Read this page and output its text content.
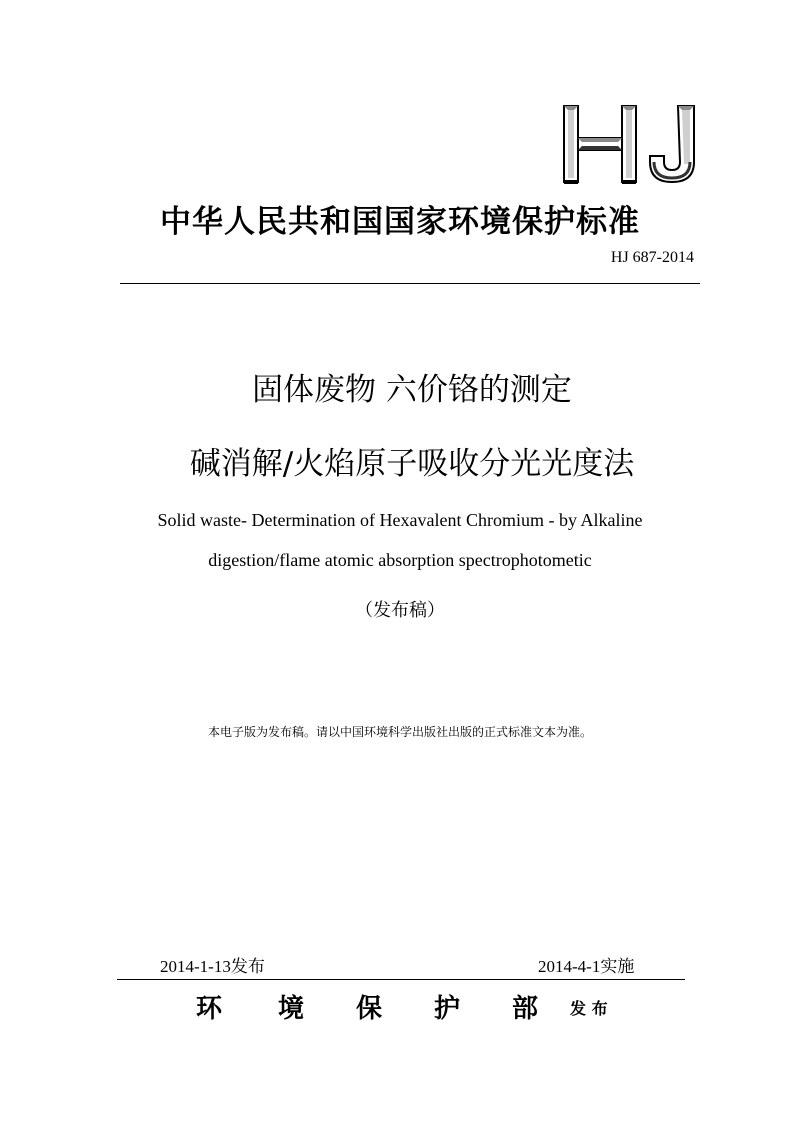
中华人民共和国国家环境保护标准
HJ 687-2014
固体废物 六价铬的测定
碱消解/火焰原子吸收分光光度法
Solid waste- Determination of Hexavalent Chromium - by Alkaline
digestion/flame atomic absorption spectrophotometic
（发布稿）
本电子版为发布稿。请以中国环境科学出版社出版的正式标准文本为准。
2014-1-13发布	2014-4-1实施
环 境 保 护 部 发 布
